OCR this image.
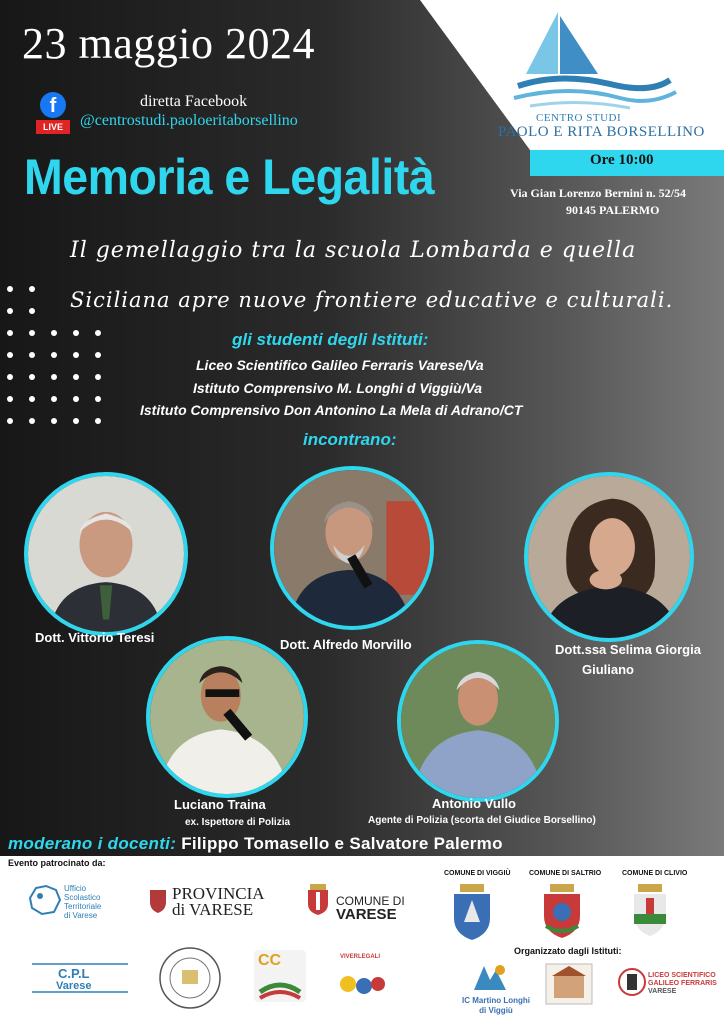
23 maggio 2024
f
LIVE
diretta Facebook
@centrostudi.paoloeritaborsellino	CENTRO STUDI
PAOLO E RITA BORSELLINO
Memoria e Legalità	Ore 10:00
Via Gian Lorenzo Bernini n. 52/54
90145 PALERMO
Il gemellaggio tra la scuola Lombarda e quella
Siciliana apre nuove frontiere educative e culturali.
gli studenti degli Istituti:
Liceo Scientifico Galileo Ferraris Varese/Va
Istituto Comprensivo M. Longhi d Viggiù/Va
Istituto Comprensivo Don Antonino La Mela di Adrano/CT
incontrano:
Dott. Vittorio Teresi	Dott. Alfredo Morvillo	Dott.ssa Selima Giorgia
Giuliano
Luciano Traina
ex. Ispettore di Polizia
Antonio Vullo
Agente di Polizia (scorta del Giudice Borsellino)
moderano i docenti: Filippo Tomasello e Salvatore Palermo
Evento patrocinato da:
Ufficio
Scolastico
Territoriale
di Varese
PROVINCIA
di VARESE	COMUNE DI
VARESE
COMUNE DI VIGGIÙ	COMUNE DI SALTRIO	COMUNE DI CLIVIO
C.P.L
Varese
CC	VIVERLEGALI
Organizzato dagli Istituti:
IC Martino Longhi
di Viggiù
LICEO SCIENTIFICO
GALILEO FERRARIS
VARESE
